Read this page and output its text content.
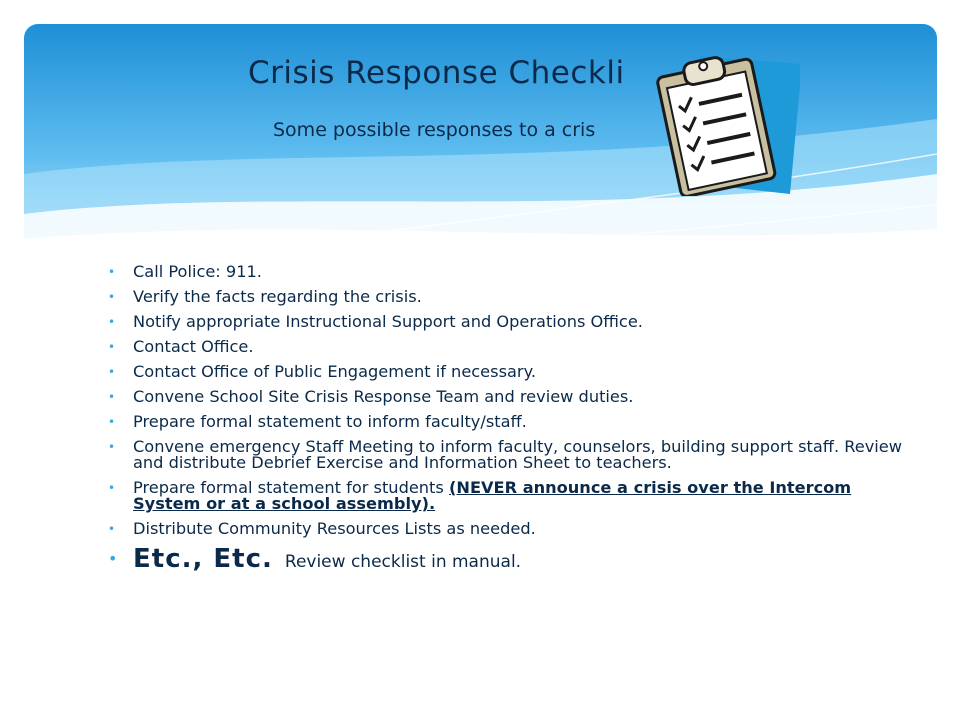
Crisis Response Checkli
Some possible responses to a cris
• Call Police: 911.
• Verify the facts regarding the crisis.
• Notify appropriate Instructional Support and Operations Office.
• Contact Office.
• Contact Office of Public Engagement if necessary.
• Convene School Site Crisis Response Team and review duties.
• Prepare formal statement to inform faculty/staff.
• Convene emergency Staff Meeting to inform faculty, counselors, building support staff. Review and distribute Debrief Exercise and Information Sheet to teachers.
• Prepare formal statement for students (NEVER announce a crisis over the Intercom System or at a school assembly).
• Distribute Community Resources Lists as needed.
• Etc., Etc. Review checklist in manual.
